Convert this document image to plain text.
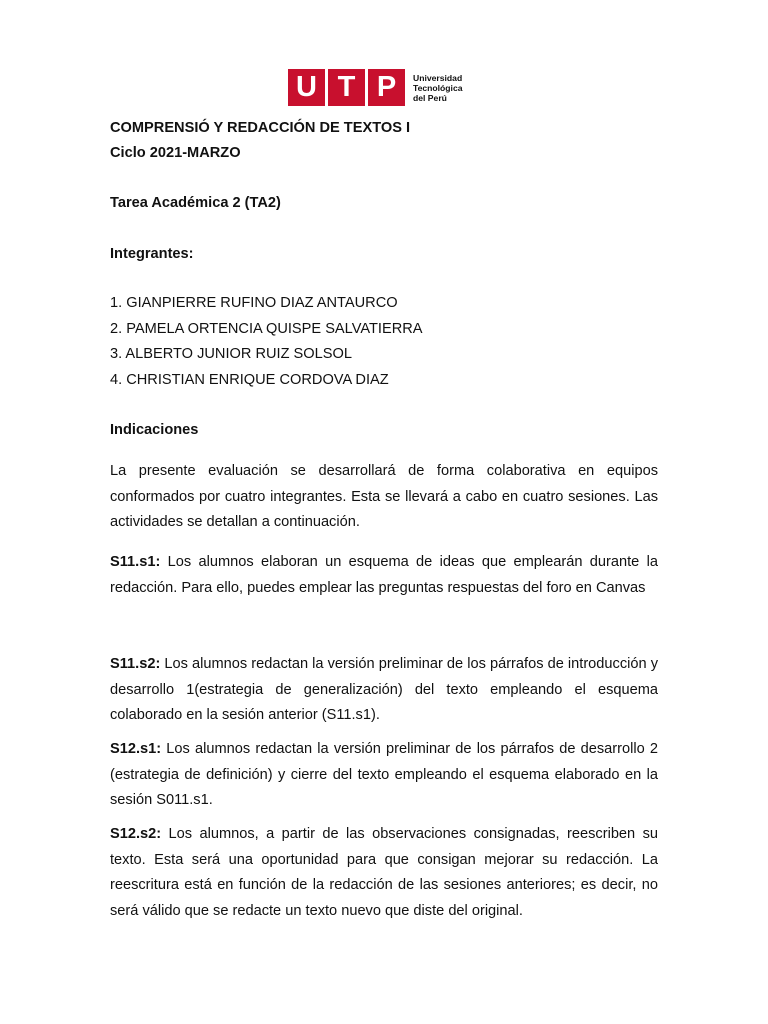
U T P	Universidad
Tecnológica
del Perú
COMPRENSIÓ Y REDACCIÓN DE TEXTOS I
Ciclo 2021-MARZO
Tarea Académica 2 (TA2)
Integrantes:
1. GIANPIERRE RUFINO DIAZ ANTAURCO
2. PAMELA ORTENCIA QUISPE SALVATIERRA
3. ALBERTO JUNIOR RUIZ SOLSOL
4. CHRISTIAN ENRIQUE CORDOVA DIAZ
Indicaciones
La presente evaluación se desarrollará de forma colaborativa en equipos conformados por cuatro integrantes. Esta se llevará a cabo en cuatro sesiones. Las actividades se detallan a continuación.
S11.s1: Los alumnos elaboran un esquema de ideas que emplearán durante la redacción. Para ello, puedes emplear las preguntas respuestas del foro en Canvas
S11.s2: Los alumnos redactan la versión preliminar de los párrafos de introducción y desarrollo 1(estrategia de generalización) del texto empleando el esquema colaborado en la sesión anterior (S11.s1).
S12.s1: Los alumnos redactan la versión preliminar de los párrafos de desarrollo 2 (estrategia de definición) y cierre del texto empleando el esquema elaborado en la sesión S011.s1.
S12.s2: Los alumnos, a partir de las observaciones consignadas, reescriben su texto. Esta será una oportunidad para que consigan mejorar su redacción. La reescritura está en función de la redacción de las sesiones anteriores; es decir, no será válido que se redacte un texto nuevo que diste del original.
